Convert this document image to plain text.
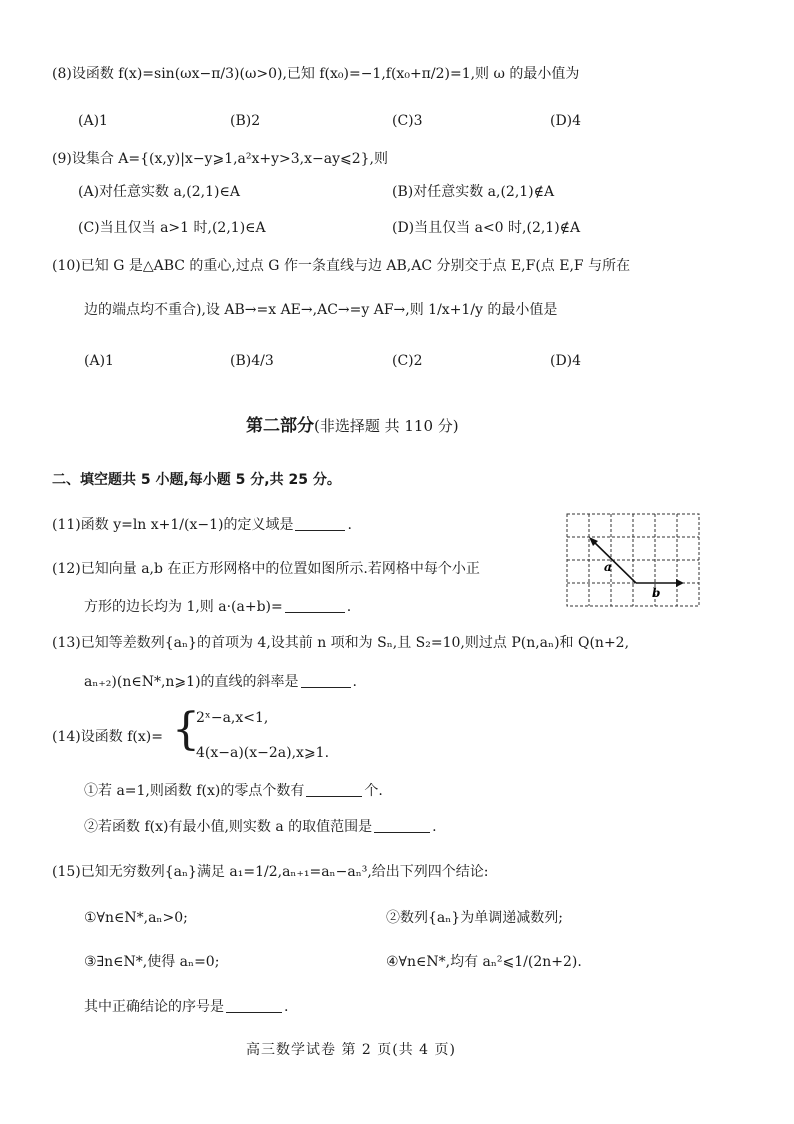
(8)设函数 f(x)=sin(ωx−π/3)(ω>0),已知 f(x₀)=−1,f(x₀+π/2)=1,则 ω 的最小值为
(A)1	(B)2	(C)3	(D)4
(9)设集合 A={(x,y)|x−y⩾1,a²x+y>3,x−ay⩽2},则
(A)对任意实数 a,(2,1)∈A	(B)对任意实数 a,(2,1)∉A
(C)当且仅当 a>1 时,(2,1)∈A	(D)当且仅当 a<0 时,(2,1)∉A
(10)已知 G 是△ABC 的重心,过点 G 作一条直线与边 AB,AC 分别交于点 E,F(点 E,F 与所在
边的端点均不重合),设 AB→=x AE→,AC→=y AF→,则 1/x+1/y 的最小值是
(A)1	(B)4/3	(C)2	(D)4
第二部分(非选择题 共 110 分)
二、填空题共 5 小题,每小题 5 分,共 25 分。
(11)函数 y=ln x+1/(x−1)的定义域是	.
(12)已知向量 a,b 在正方形网格中的位置如图所示.若网格中每个小正
方形的边长均为 1,则 a·(a+b)=	.
a
b
(13)已知等差数列{aₙ}的首项为 4,设其前 n 项和为 Sₙ,且 S₂=10,则过点 P(n,aₙ)和 Q(n+2,
aₙ₊₂)(n∈N*,n⩾1)的直线的斜率是	.
(14)设函数 f(x)= {
2ˣ−a,x<1,
4(x−a)(x−2a),x⩾1.
①若 a=1,则函数 f(x)的零点个数有	个.
②若函数 f(x)有最小值,则实数 a 的取值范围是	.
(15)已知无穷数列{aₙ}满足 a₁=1/2,aₙ₊₁=aₙ−aₙ³,给出下列四个结论:
①∀n∈N*,aₙ>0;	②数列{aₙ}为单调递减数列;
③∃n∈N*,使得 aₙ=0;	④∀n∈N*,均有 aₙ²⩽1/(2n+2).
其中正确结论的序号是	.
高三数学试卷 第 2 页(共 4 页)
